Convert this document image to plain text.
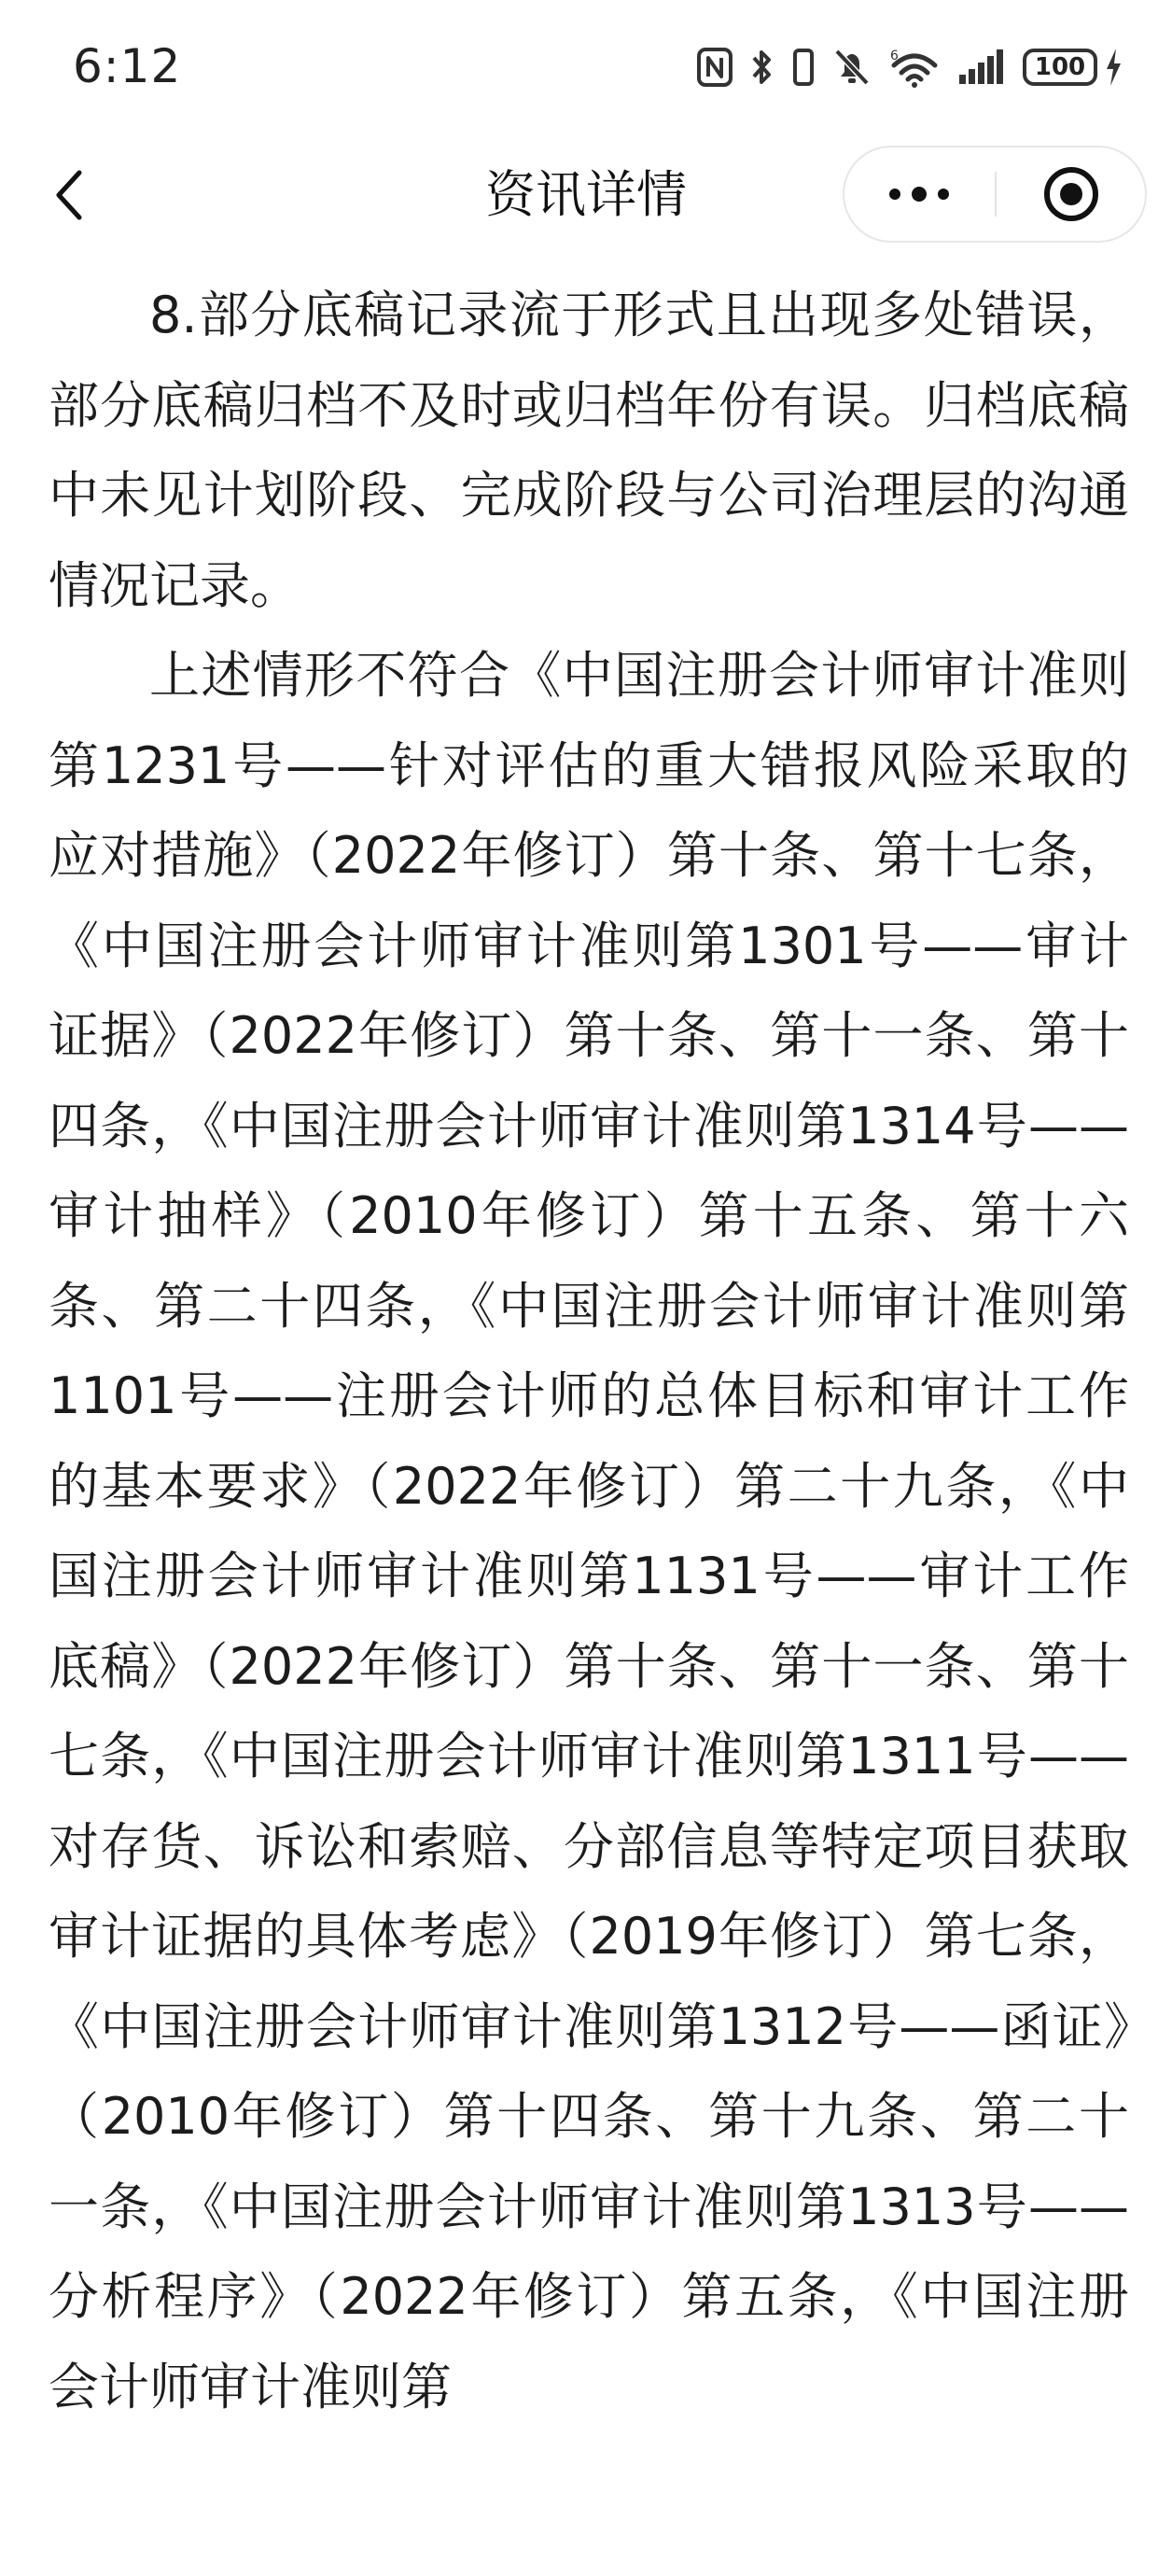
6:12	6	100
资讯详情

8.部分底稿记录流于形式且出现多处错误，部分底稿归档不及时或归档年份有误。归档底稿中未见计划阶段、完成阶段与公司治理层的沟通情况记录。

上述情形不符合《中国注册会计师审计准则第1231号——针对评估的重大错报风险采取的应对措施》（2022年修订）第十条、第十七条，《中国注册会计师审计准则第1301号——审计证据》（2022年修订）第十条、第十一条、第十四条，《中国注册会计师审计准则第1314号——审计抽样》（2010年修订）第十五条、第十六条、第二十四条，《中国注册会计师审计准则第1101号——注册会计师的总体目标和审计工作的基本要求》（2022年修订）第二十九条，《中国注册会计师审计准则第1131号——审计工作底稿》（2022年修订）第十条、第十一条、第十七条，《中国注册会计师审计准则第1311号——对存货、诉讼和索赔、分部信息等特定项目获取审计证据的具体考虑》（2019年修订）第七条，《中国注册会计师审计准则第1312号——函证》（2010年修订）第十四条、第十九条、第二十一条，《中国注册会计师审计准则第1313号——分析程序》（2022年修订）第五条，《中国注册会计师审计准则第
